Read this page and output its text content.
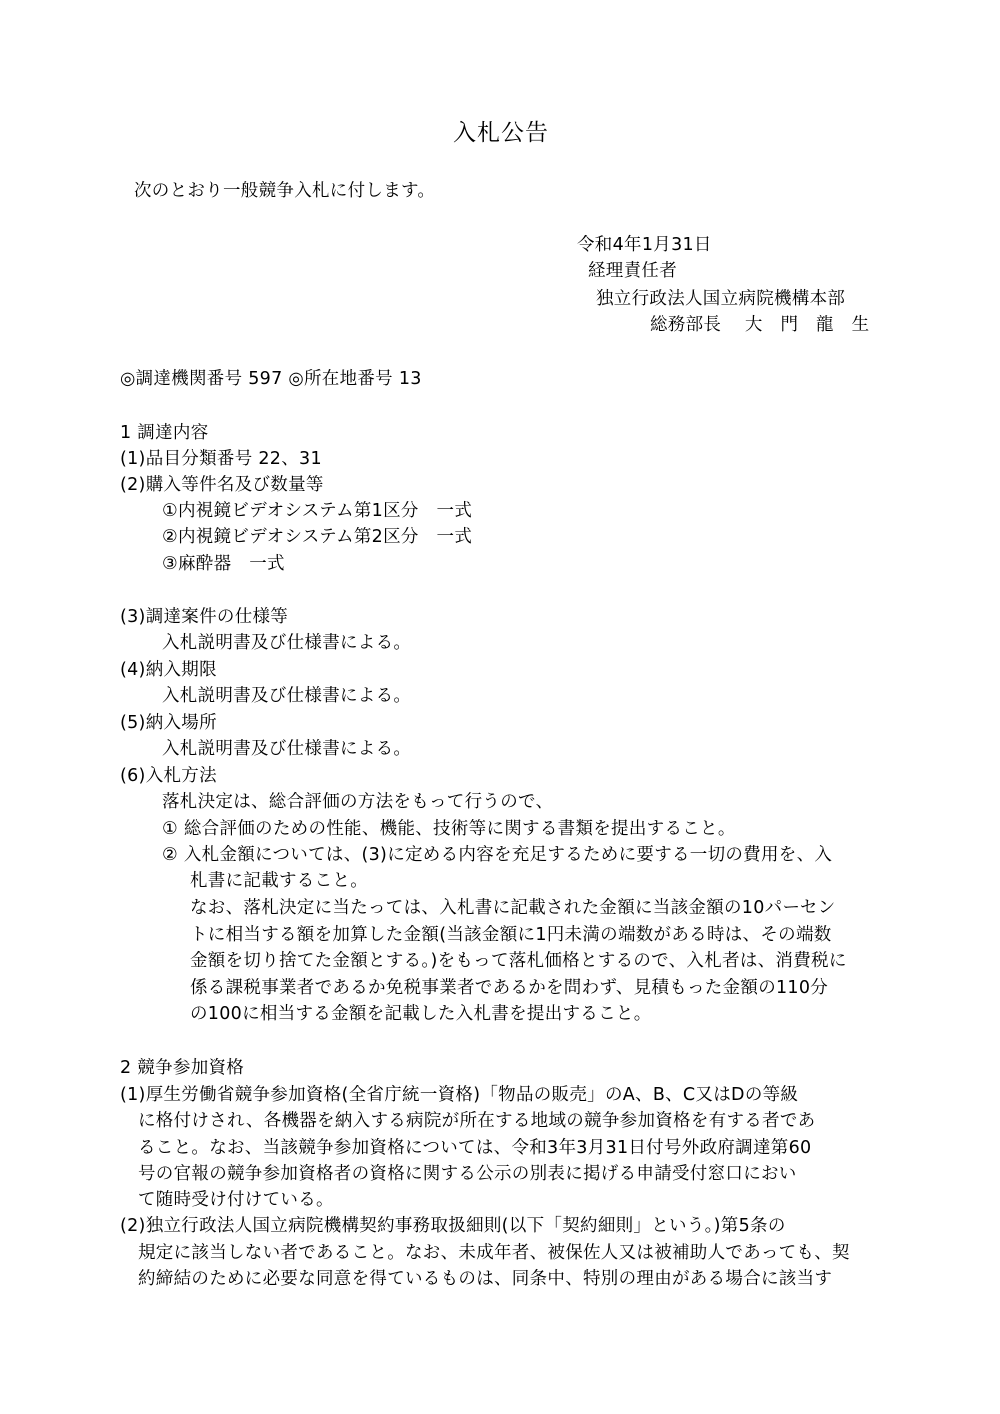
入札公告
次のとおり一般競争入札に付します。
令和4年1月31日
経理責任者
独立行政法人国立病院機構本部
総務部長　 大　門　龍　生
◎調達機関番号 597 ◎所在地番号 13
1 調達内容
(1)品目分類番号 22、31
(2)購入等件名及び数量等
①内視鏡ビデオシステム第1区分　一式
②内視鏡ビデオシステム第2区分　一式
③麻酔器　一式
(3)調達案件の仕様等
入札説明書及び仕様書による。
(4)納入期限
入札説明書及び仕様書による。
(5)納入場所
入札説明書及び仕様書による。
(6)入札方法
落札決定は、総合評価の方法をもって行うので、
① 総合評価のための性能、機能、技術等に関する書類を提出すること。
② 入札金額については、(3)に定める内容を充足するために要する一切の費用を、入
札書に記載すること。
なお、落札決定に当たっては、入札書に記載された金額に当該金額の10パーセン
トに相当する額を加算した金額(当該金額に1円未満の端数がある時は、その端数
金額を切り捨てた金額とする。)をもって落札価格とするので、入札者は、消費税に
係る課税事業者であるか免税事業者であるかを問わず、見積もった金額の110分
の100に相当する金額を記載した入札書を提出すること。
2 競争参加資格
(1)厚生労働省競争参加資格(全省庁統一資格)「物品の販売」のA、B、C又はDの等級
に格付けされ、各機器を納入する病院が所在する地域の競争参加資格を有する者であ
ること。なお、当該競争参加資格については、令和3年3月31日付号外政府調達第60
号の官報の競争参加資格者の資格に関する公示の別表に掲げる申請受付窓口におい
て随時受け付けている。
(2)独立行政法人国立病院機構契約事務取扱細則(以下「契約細則」という。)第5条の
規定に該当しない者であること。なお、未成年者、被保佐人又は被補助人であっても、契
約締結のために必要な同意を得ているものは、同条中、特別の理由がある場合に該当す
